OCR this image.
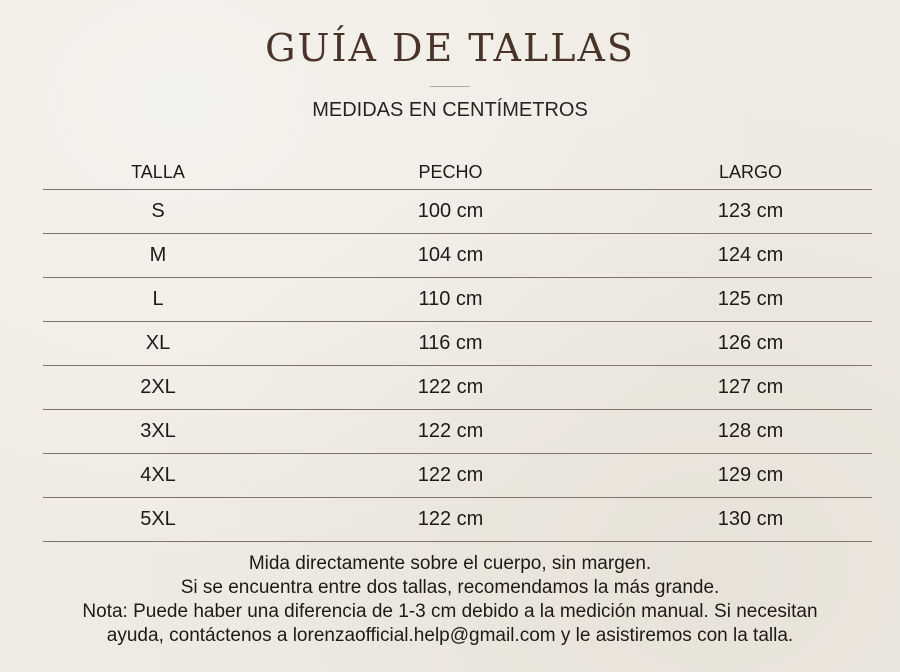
GUÍA DE TALLAS
MEDIDAS EN CENTÍMETROS
TALLA	PECHO	LARGO
S	100 cm	123 cm
M	104 cm	124 cm
L	110 cm	125 cm
XL	116 cm	126 cm
2XL	122 cm	127 cm
3XL	122 cm	128 cm
4XL	122 cm	129 cm
5XL	122 cm	130 cm
Mida directamente sobre el cuerpo, sin margen.
Si se encuentra entre dos tallas, recomendamos la más grande.
Nota: Puede haber una diferencia de 1-3 cm debido a la medición manual. Si necesitan
ayuda, contáctenos a lorenzaofficial.help@gmail.com y le asistiremos con la talla.
